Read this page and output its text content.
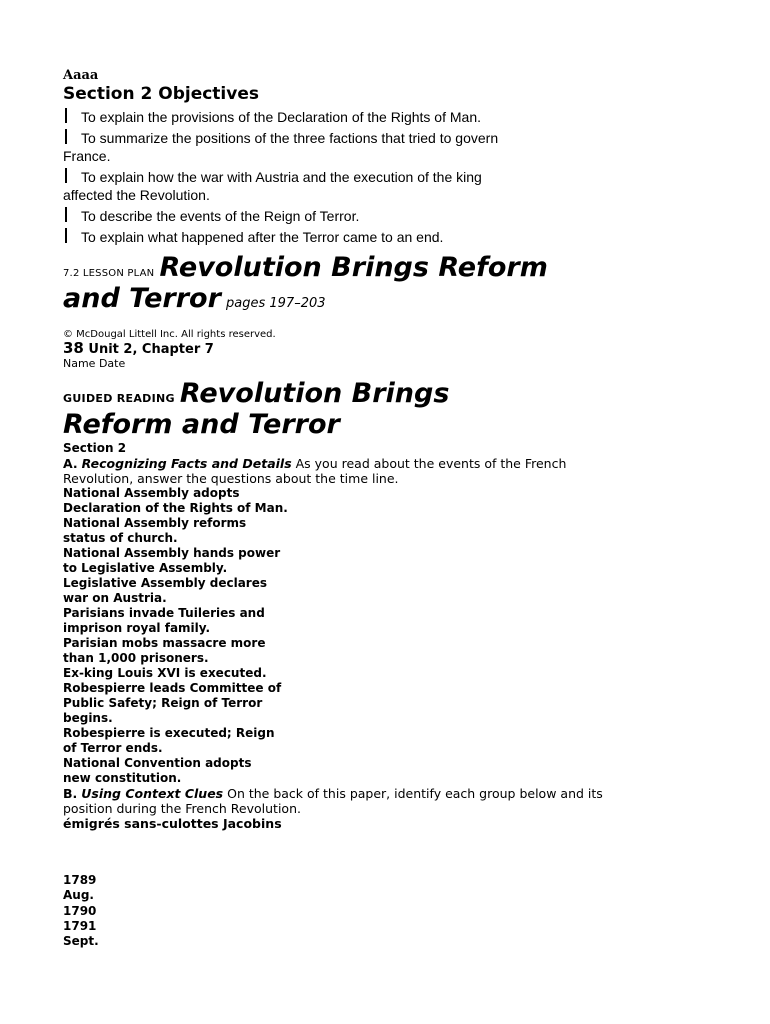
Aaaa
Section 2 Objectives
To explain the provisions of the Declaration of the Rights of Man.
To summarize the positions of the three factions that tried to govern
France.
To explain how the war with Austria and the execution of the king
affected the Revolution.
To describe the events of the Reign of Terror.
To explain what happened after the Terror came to an end.
7.2 LESSON PLAN Revolution Brings Reform
and Terror pages 197–203
© McDougal Littell Inc. All rights reserved.
38 Unit 2, Chapter 7
Name Date
GUIDED READING Revolution Brings
Reform and Terror
Section 2
A. Recognizing Facts and Details As you read about the events of the French
Revolution, answer the questions about the time line.
National Assembly adopts
Declaration of the Rights of Man.
National Assembly reforms
status of church.
National Assembly hands power
to Legislative Assembly.
Legislative Assembly declares
war on Austria.
Parisians invade Tuileries and
imprison royal family.
Parisian mobs massacre more
than 1,000 prisoners.
Ex-king Louis XVI is executed.
Robespierre leads Committee of
Public Safety; Reign of Terror
begins.
Robespierre is executed; Reign
of Terror ends.
National Convention adopts
new constitution.
B. Using Context Clues On the back of this paper, identify each group below and its
position during the French Revolution.
émigrés sans-culottes Jacobins
1789
Aug.
1790
1791
Sept.
